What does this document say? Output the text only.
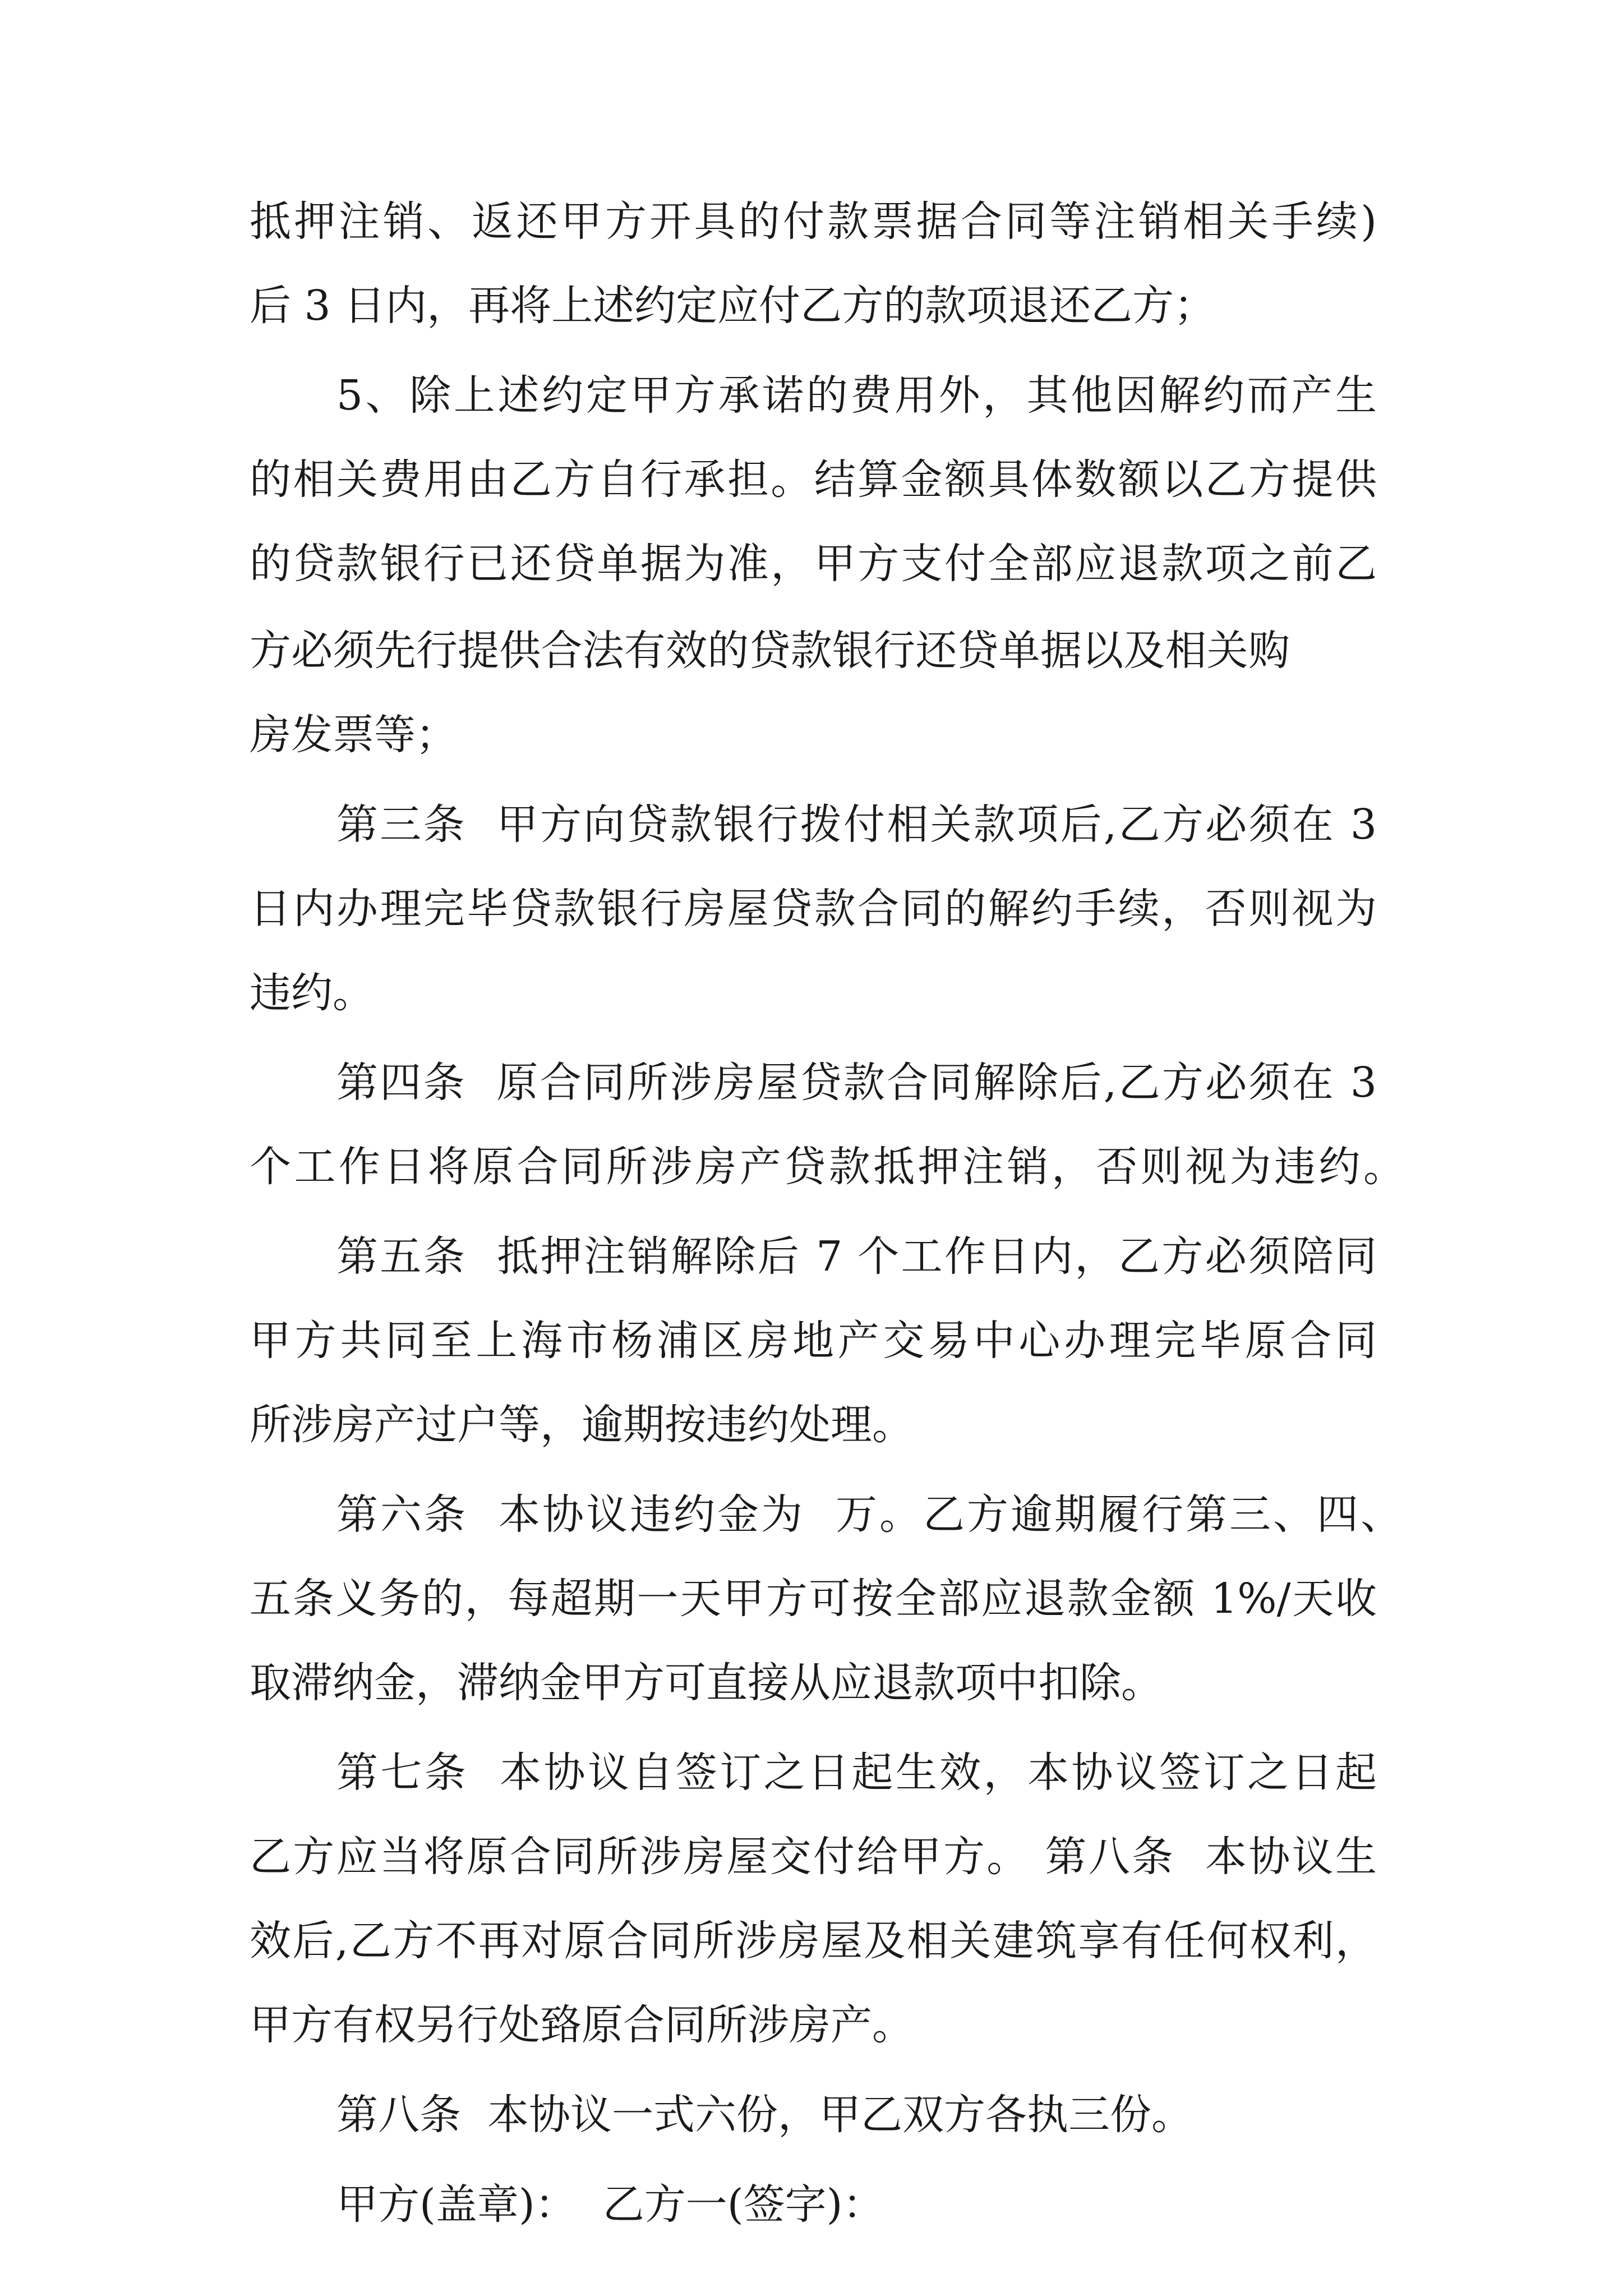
抵押注销、返还甲方开具的付款票据合同等注销相关手续)
后 3 日内，再将上述约定应付乙方的款项退还乙方；
5、除上述约定甲方承诺的费用外，其他因解约而产生
的相关费用由乙方自行承担。结算金额具体数额以乙方提供
的贷款银行已还贷单据为准，甲方支付全部应退款项之前乙
方必须先行提供合法有效的贷款银行还贷单据以及相关购
房发票等；
第三条  甲方向贷款银行拨付相关款项后,乙方必须在 3
日内办理完毕贷款银行房屋贷款合同的解约手续，否则视为
违约。
第四条  原合同所涉房屋贷款合同解除后,乙方必须在 3
个工作日将原合同所涉房产贷款抵押注销，否则视为违约。
第五条  抵押注销解除后 7 个工作日内，乙方必须陪同
甲方共同至上海市杨浦区房地产交易中心办理完毕原合同
所涉房产过户等，逾期按违约处理。
第六条  本协议违约金为  万。乙方逾期履行第三、四、
五条义务的，每超期一天甲方可按全部应退款金额 1%/天收
取滞纳金，滞纳金甲方可直接从应退款项中扣除。
第七条  本协议自签订之日起生效，本协议签订之日起
乙方应当将原合同所涉房屋交付给甲方。 第八条  本协议生
效后,乙方不再对原合同所涉房屋及相关建筑享有任何权利，
甲方有权另行处臵原合同所涉房产。
第八条  本协议一式六份，甲乙双方各执三份。
甲方(盖章)：  乙方一(签字)：
